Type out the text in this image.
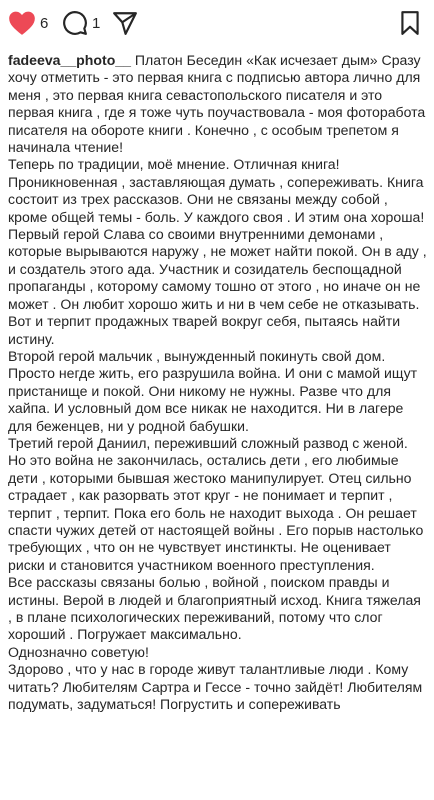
6	1

fadeeva__photo__ Платон Беседин «Как исчезает дым» Сразу хочу отметить - это первая книга с подписью автора лично для меня , это первая книга севастопольского писателя и это первая книга , где я тоже чуть поучаствовала - моя фоторабота писателя на обороте книги . Конечно , с особым трепетом я начинала чтение!

Теперь по традиции, моё мнение. Отличная книга! Проникновенная , заставляющая думать , сопереживать. Книга состоит из трех рассказов. Они не связаны между собой , кроме общей темы - боль. У каждого своя . И этим она хороша!

Первый герой Слава со своими внутренними демонами , которые вырываются наружу , не может найти покой. Он в аду , и создатель этого ада. Участник и созидатель беспощадной пропаганды , которому самому тошно от этого , но иначе он не может . Он любит хорошо жить и ни в чем себе не отказывать. Вот и терпит продажных тварей вокруг себя, пытаясь найти истину.

Второй герой мальчик , вынужденный покинуть свой дом. Просто негде жить, его разрушила война. И они с мамой ищут пристанище и покой. Они никому не нужны. Разве что для хайпа. И условный дом все никак не находится. Ни в лагере для беженцев, ни у родной бабушки.

Третий герой Даниил, переживший сложный развод с женой. Но это война не закончилась, остались дети , его любимые дети , которыми бывшая жестоко манипулирует. Отец сильно страдает , как разорвать этот круг - не понимает и терпит , терпит , терпит. Пока его боль не находит выхода . Он решает спасти чужих детей от настоящей войны . Его порыв настолько требующих , что он не чувствует инстинкты. Не оценивает риски и становится участником военного преступления.

Все рассказы связаны болью , войной , поиском правды и истины. Верой в людей и благоприятный исход. Книга тяжелая , в плане психологических переживаний, потому что слог хороший . Погружает максимально.

Однозначно советую!

Здорово , что у нас в городе живут талантливые люди . Кому читать? Любителям Сартра и Гессе - точно зайдёт! Любителям подумать, задуматься! Погрустить и сопереживать
